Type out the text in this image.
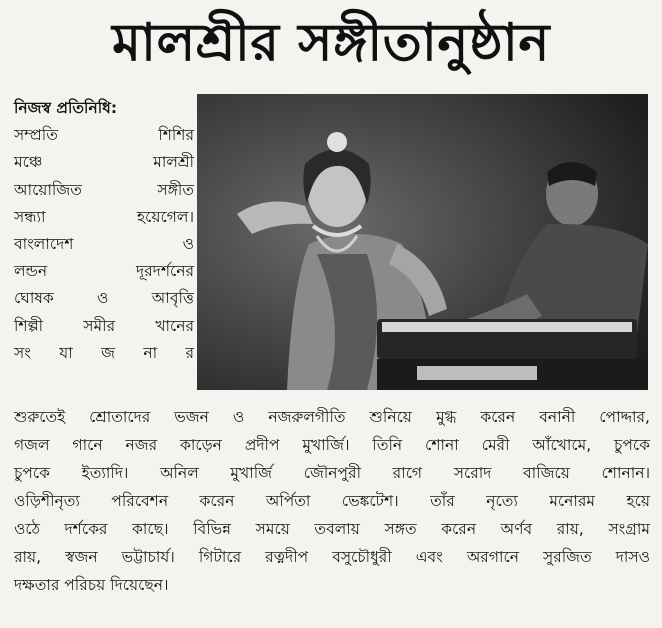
মালশ্রীর সঙ্গীতানুষ্ঠান
নিজস্ব প্রতিনিধি:
সম্প্রতি শিশির
মঞ্চে মালশ্রী
আয়োজিত সঙ্গীত
সন্ধ্যা হয়েগেল।
বাংলাদেশ ও
লন্ডন দূরদর্শনের
ঘোষক ও আবৃত্তি
শিল্পী সমীর খানের
সং যা জ না র
শুরুতেই শ্রোতাদের ভজন ও নজরুলগীতি শুনিয়ে মুগ্ধ করেন বনানী পোদ্দার,
গজল গানে নজর কাড়েন প্রদীপ মুখার্জি। তিনি শোনা মেরী আঁখোমে, চুপকে
চুপকে ইত্যাদি। অনিল মুখার্জি জৌনপুরী রাগে সরোদ বাজিয়ে শোনান।
ওড়িশীনৃত্য পরিবেশন করেন অর্পিতা ভেঙ্কটেশ। তাঁর নৃত্যে মনোরম হয়ে
ওঠে দর্শকের কাছে। বিভিন্ন সময়ে তবলায় সঙ্গত করেন অর্ণব রায়, সংগ্রাম
রায়, স্বজন ভট্টাচার্য। গিটারে রত্নদীপ বসুচৌধুরী এবং অরগানে সুরজিত দাসও
দক্ষতার পরিচয় দিয়েছেন।
